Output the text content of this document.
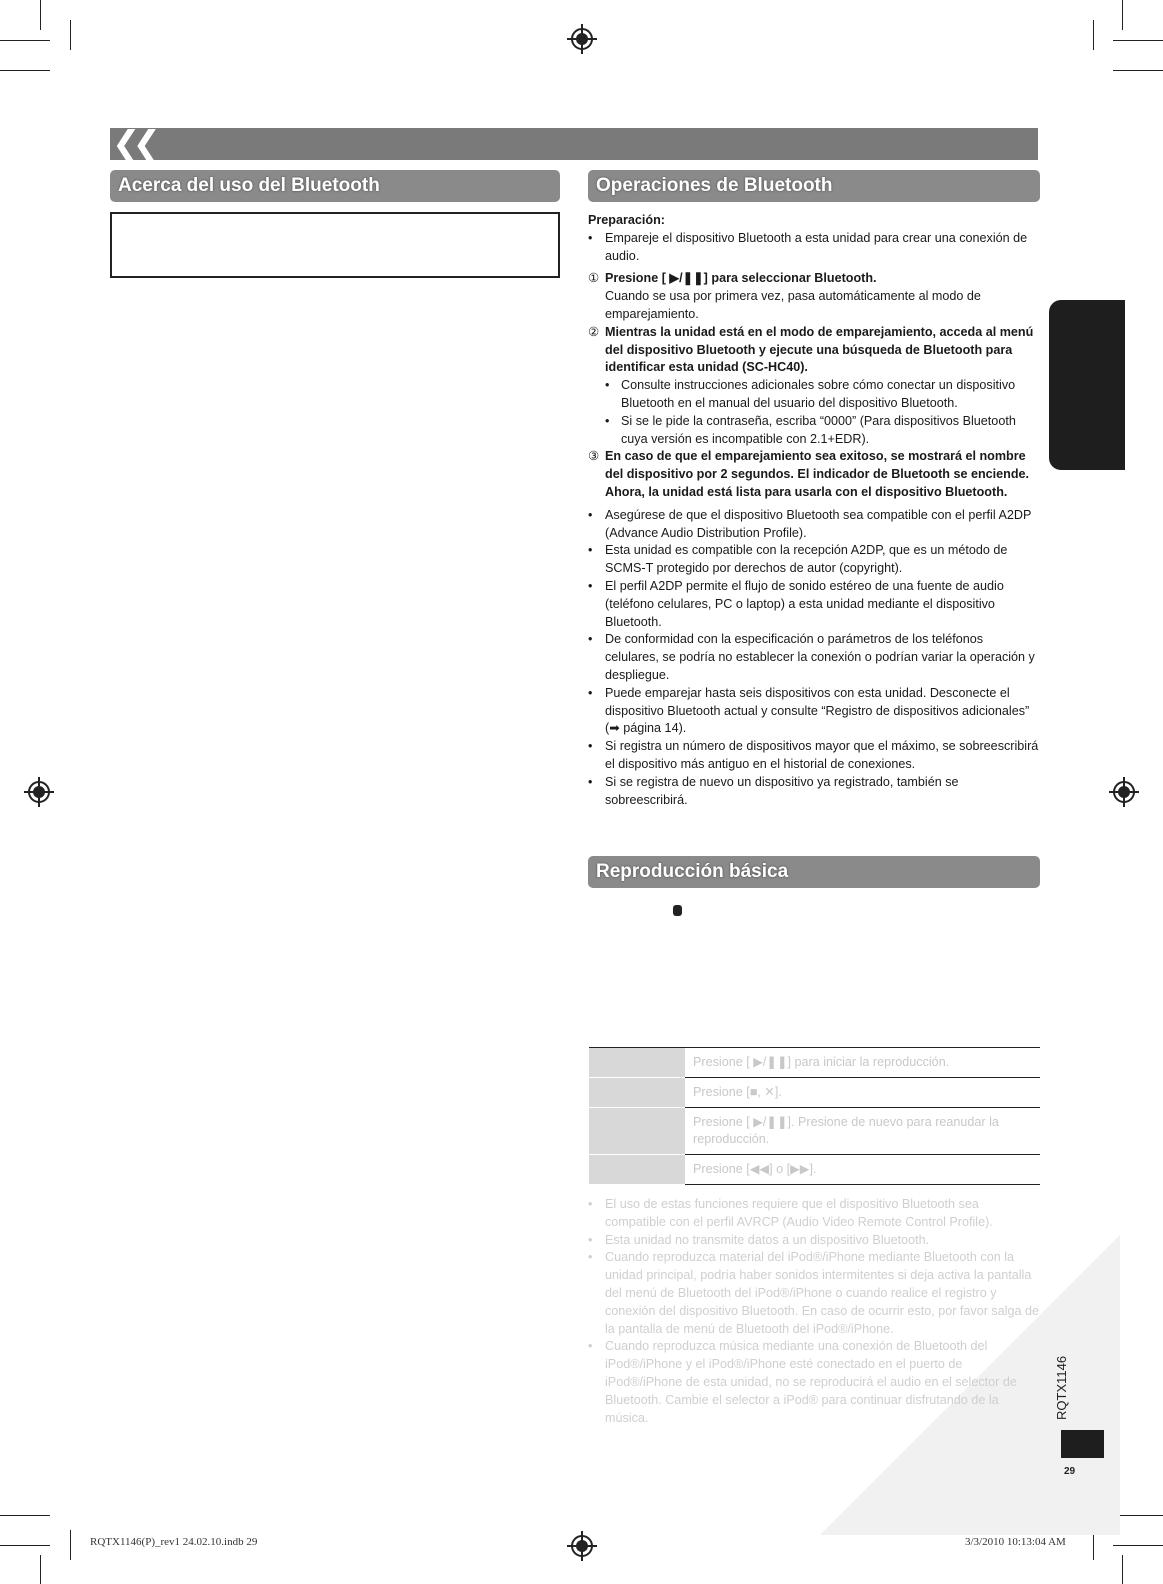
❮❮
Acerca del uso del Bluetooth	Operaciones de Bluetooth

Preparación:

• Empareje el dispositivo Bluetooth a esta unidad para crear una conexión de audio.
① Presione [ ▶/❚❚] para seleccionar Bluetooth.
Cuando se usa por primera vez, pasa automáticamente al modo de emparejamiento.
② Mientras la unidad está en el modo de emparejamiento, acceda al menú del dispositivo Bluetooth y ejecute una búsqueda de Bluetooth para identificar esta unidad (SC-HC40).
• Consulte instrucciones adicionales sobre cómo conectar un dispositivo Bluetooth en el manual del usuario del dispositivo Bluetooth.
• Si se le pide la contraseña, escriba “0000” (Para dispositivos Bluetooth cuya versión es incompatible con 2.1+EDR).
③ En caso de que el emparejamiento sea exitoso, se mostrará el nombre del dispositivo por 2 segundos. El indicador de Bluetooth se enciende. Ahora, la unidad está lista para usarla con el dispositivo Bluetooth.
• Asegúrese de que el dispositivo Bluetooth sea compatible con el perfil A2DP (Advance Audio Distribution Profile).
• Esta unidad es compatible con la recepción A2DP, que es un método de SCMS-T protegido por derechos de autor (copyright).
• El perfil A2DP permite el flujo de sonido estéreo de una fuente de audio (teléfono celulares, PC o laptop) a esta unidad mediante el dispositivo Bluetooth.
• De conformidad con la especificación o parámetros de los teléfonos celulares, se podría no establecer la conexión o podrían variar la operación y despliegue.
• Puede emparejar hasta seis dispositivos con esta unidad. Desconecte el dispositivo Bluetooth actual y consulte “Registro de dispositivos adicionales” (➡ página 14).
• Si registra un número de dispositivos mayor que el máximo, se sobreescribirá el dispositivo más antiguo en el historial de conexiones.
• Si se registra de nuevo un dispositivo ya registrado, también se sobreescribirá.
Reproducción básica
	Presione [ ▶/❚❚] para iniciar la reproducción.
	Presione [■, ✕].
	Presione [ ▶/❚❚]. Presione de nuevo para reanudar la reproducción.
	Presione [◀◀] o [▶▶].
• El uso de estas funciones requiere que el dispositivo Bluetooth sea compatible con el perfil AVRCP (Audio Video Remote Control Profile).
• Esta unidad no transmite datos a un dispositivo Bluetooth.
• Cuando reproduzca material del iPod®/iPhone mediante Bluetooth con la unidad principal, podría haber sonidos intermitentes si deja activa la pantalla del menú de Bluetooth del iPod®/iPhone o cuando realice el registro y conexión del dispositivo Bluetooth. En caso de ocurrir esto, por favor salga de la pantalla de menú de Bluetooth del iPod®/iPhone.
• Cuando reproduzca música mediante una conexión de Bluetooth del iPod®/iPhone y el iPod®/iPhone esté conectado en el puerto de iPod®/iPhone de esta unidad, no se reproducirá el audio en el selector de Bluetooth. Cambie el selector a iPod® para continuar disfrutando de la música.	RQTX1146
29
RQTX1146(P)_rev1 24.02.10.indb 29	3/3/2010 10:13:04 AM
